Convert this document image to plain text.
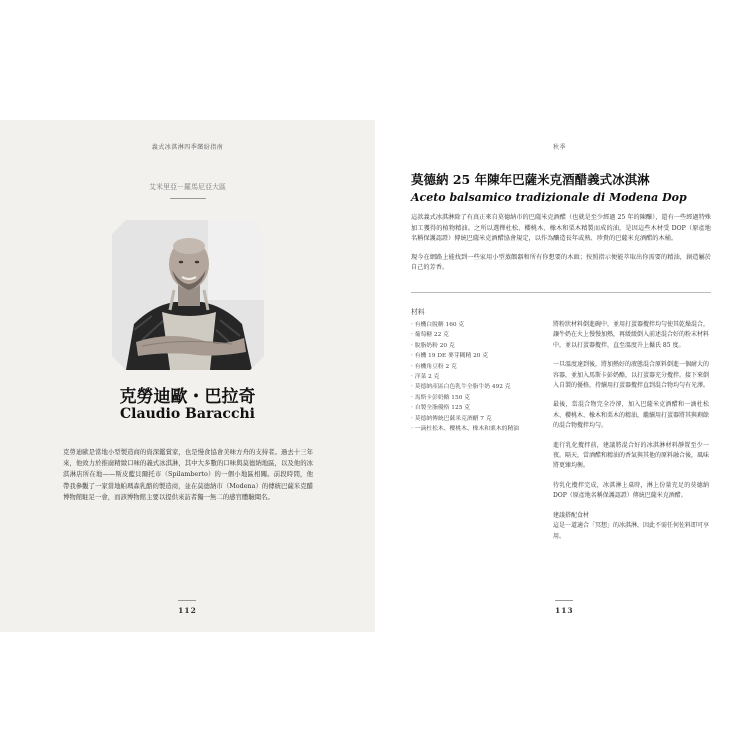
義式冰淇淋四季繽紛指南
艾米里亞－羅馬尼亞大區
克勞迪歐・巴拉奇
Claudio Baracchi
克勞迪歐是當地小型製造商的資深鑑賞家，也是慢食協會美味方舟的支持者。過去十三年來，他致力於推廣精緻口味的義式冰淇淋，其中大多數的口味與莫德納地區，以及他的冰淇淋店所在地——斯皮藍貝爾托市（Spilamberto）的一個小地區相關。前段時間，他帶我參觀了一家當地帕瑪森乳酪的製造商，並在莫德納市（Modena）的傳統巴薩米克醋博物館駐足一會，而該博物館主要以提供來訪者獨一無二的感官體驗聞名。
112
秋季
莫德納 25 年陳年巴薩米克酒醋義式冰淇淋
Aceto balsamico tradizionale di Modena Dop

這款義式冰淇淋除了有真正來自莫德納市的巴薩米克酒醋（也就是至少經過 25 年的陳釀），還有一些經過特殊加工獲得的植物精油。之所以選擇杜松、櫻桃木、橡木和栗木精製而成的油，是因這些木材受 DOP（原產地名稱保護認證）傳統巴薩米克酒醋協會規定，以作為釀造長年或熟、珍貴的巴薩米克酒醋的木桶。

現今在網路上能找到一些家用小型蒸餾器和所有你想要的木頭；按照指示便能萃取出你需要的精油，創造屬於自己的芳香。

材料
· 有機白脫糖 160 克
· 葡萄糖 22 克
· 脫脂奶粉 20 克
· 有機 19 DE 麥芽糊精 20 克
· 有機角豆粉 2 克
· 洋菜 2 克
· 莫德納產區白色乳牛全脂牛奶 492 克
· 馬斯卡彭奶酪 150 克
· 自製全脂優格 125 克
· 莫德納傳統巴薩米克酒醋 7 克
· 一滴杜松木、櫻桃木、橡木和栗木的精油

將粉狀材料倒進碗中，並用打蛋器攪拌均勻使其乾燥混合，讓牛奶在火上慢慢加熱，再緩緩倒入前述混合好的粉末材料中，並以打蛋器攪拌，直至溫度升上攝氏 85 度。

一旦溫度達到後，將加熱好的液態混合原料倒進一個耐大的容器，並加入馬斯卡彭奶酪，以打蛋器充分攪拌。接下來倒入自製的優格，持續用打蛋器攪拌直到混合物均勻有光澤。

最後，當混合物完全冷卻，加入巴薩米克酒醋和一滴杜松木、櫻桃木、橡木和栗木的精油，繼續用打蛋器將其與剩餘的混合物攪拌均勻。

進行乳化攪拌前，建議將混合好的冰淇淋材料靜置至少一夜。隔天，當酒醋和精油的香氣與其他的原料融合後，風味將更臻均衡。

待乳化攪拌完成，冰淇淋上桌時，淋上份量充足的莫德納 DOP（原產地名稱保護認證）傳統巴薩米克酒醋。

建議搭配食材
這是一道適合「冥想」的冰淇淋，因此不需任何佐料即可享用。

113
